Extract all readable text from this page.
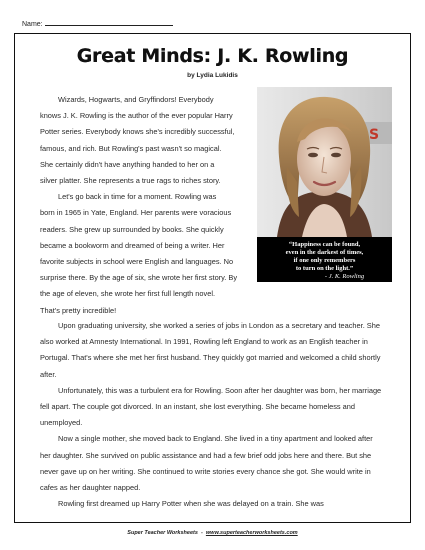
Name:
Great Minds: J. K. Rowling
by Lydia Lukidis
Wizards, Hogwarts, and Gryffindors! Everybody
knows J. K. Rowling is the author of the ever popular Harry
Potter series. Everybody knows she's incredibly successful,
famous, and rich. But Rowling's past wasn't so magical.
She certainly didn't have anything handed to her on a
silver platter. She represents a true rags to riches story.
Let's go back in time for a moment. Rowling was
born in 1965 in Yate, England. Her parents were voracious
readers. She grew up surrounded by books. She quickly
became a bookworm and dreamed of being a writer. Her
favorite subjects in school were English and languages. No
surprise there. By the age of six, she wrote her first story. By
the age of eleven, she wrote her first full length novel.
That's pretty incredible!
S
“Happiness can be found,
even in the darkest of times,
if one only remembers
to turn on the light.”
- J. K. Rowling
Upon graduating university, she worked a series of jobs in London as a secretary and teacher. She also worked at Amnesty International. In 1991, Rowling left England to work as an English teacher in Portugal. That's where she met her first husband. They quickly got married and welcomed a child shortly after.
Unfortunately, this was a turbulent era for Rowling. Soon after her daughter was born, her marriage fell apart. The couple got divorced. In an instant, she lost everything. She became homeless and unemployed.
Now a single mother, she moved back to England. She lived in a tiny apartment and looked after her daughter. She survived on public assistance and had a few brief odd jobs here and there. But she never gave up on her writing. She continued to write stories every chance she got. She would write in cafes as her daughter napped.
Rowling first dreamed up Harry Potter when she was delayed on a train. She was
Super Teacher Worksheets - www.superteacherworksheets.com
